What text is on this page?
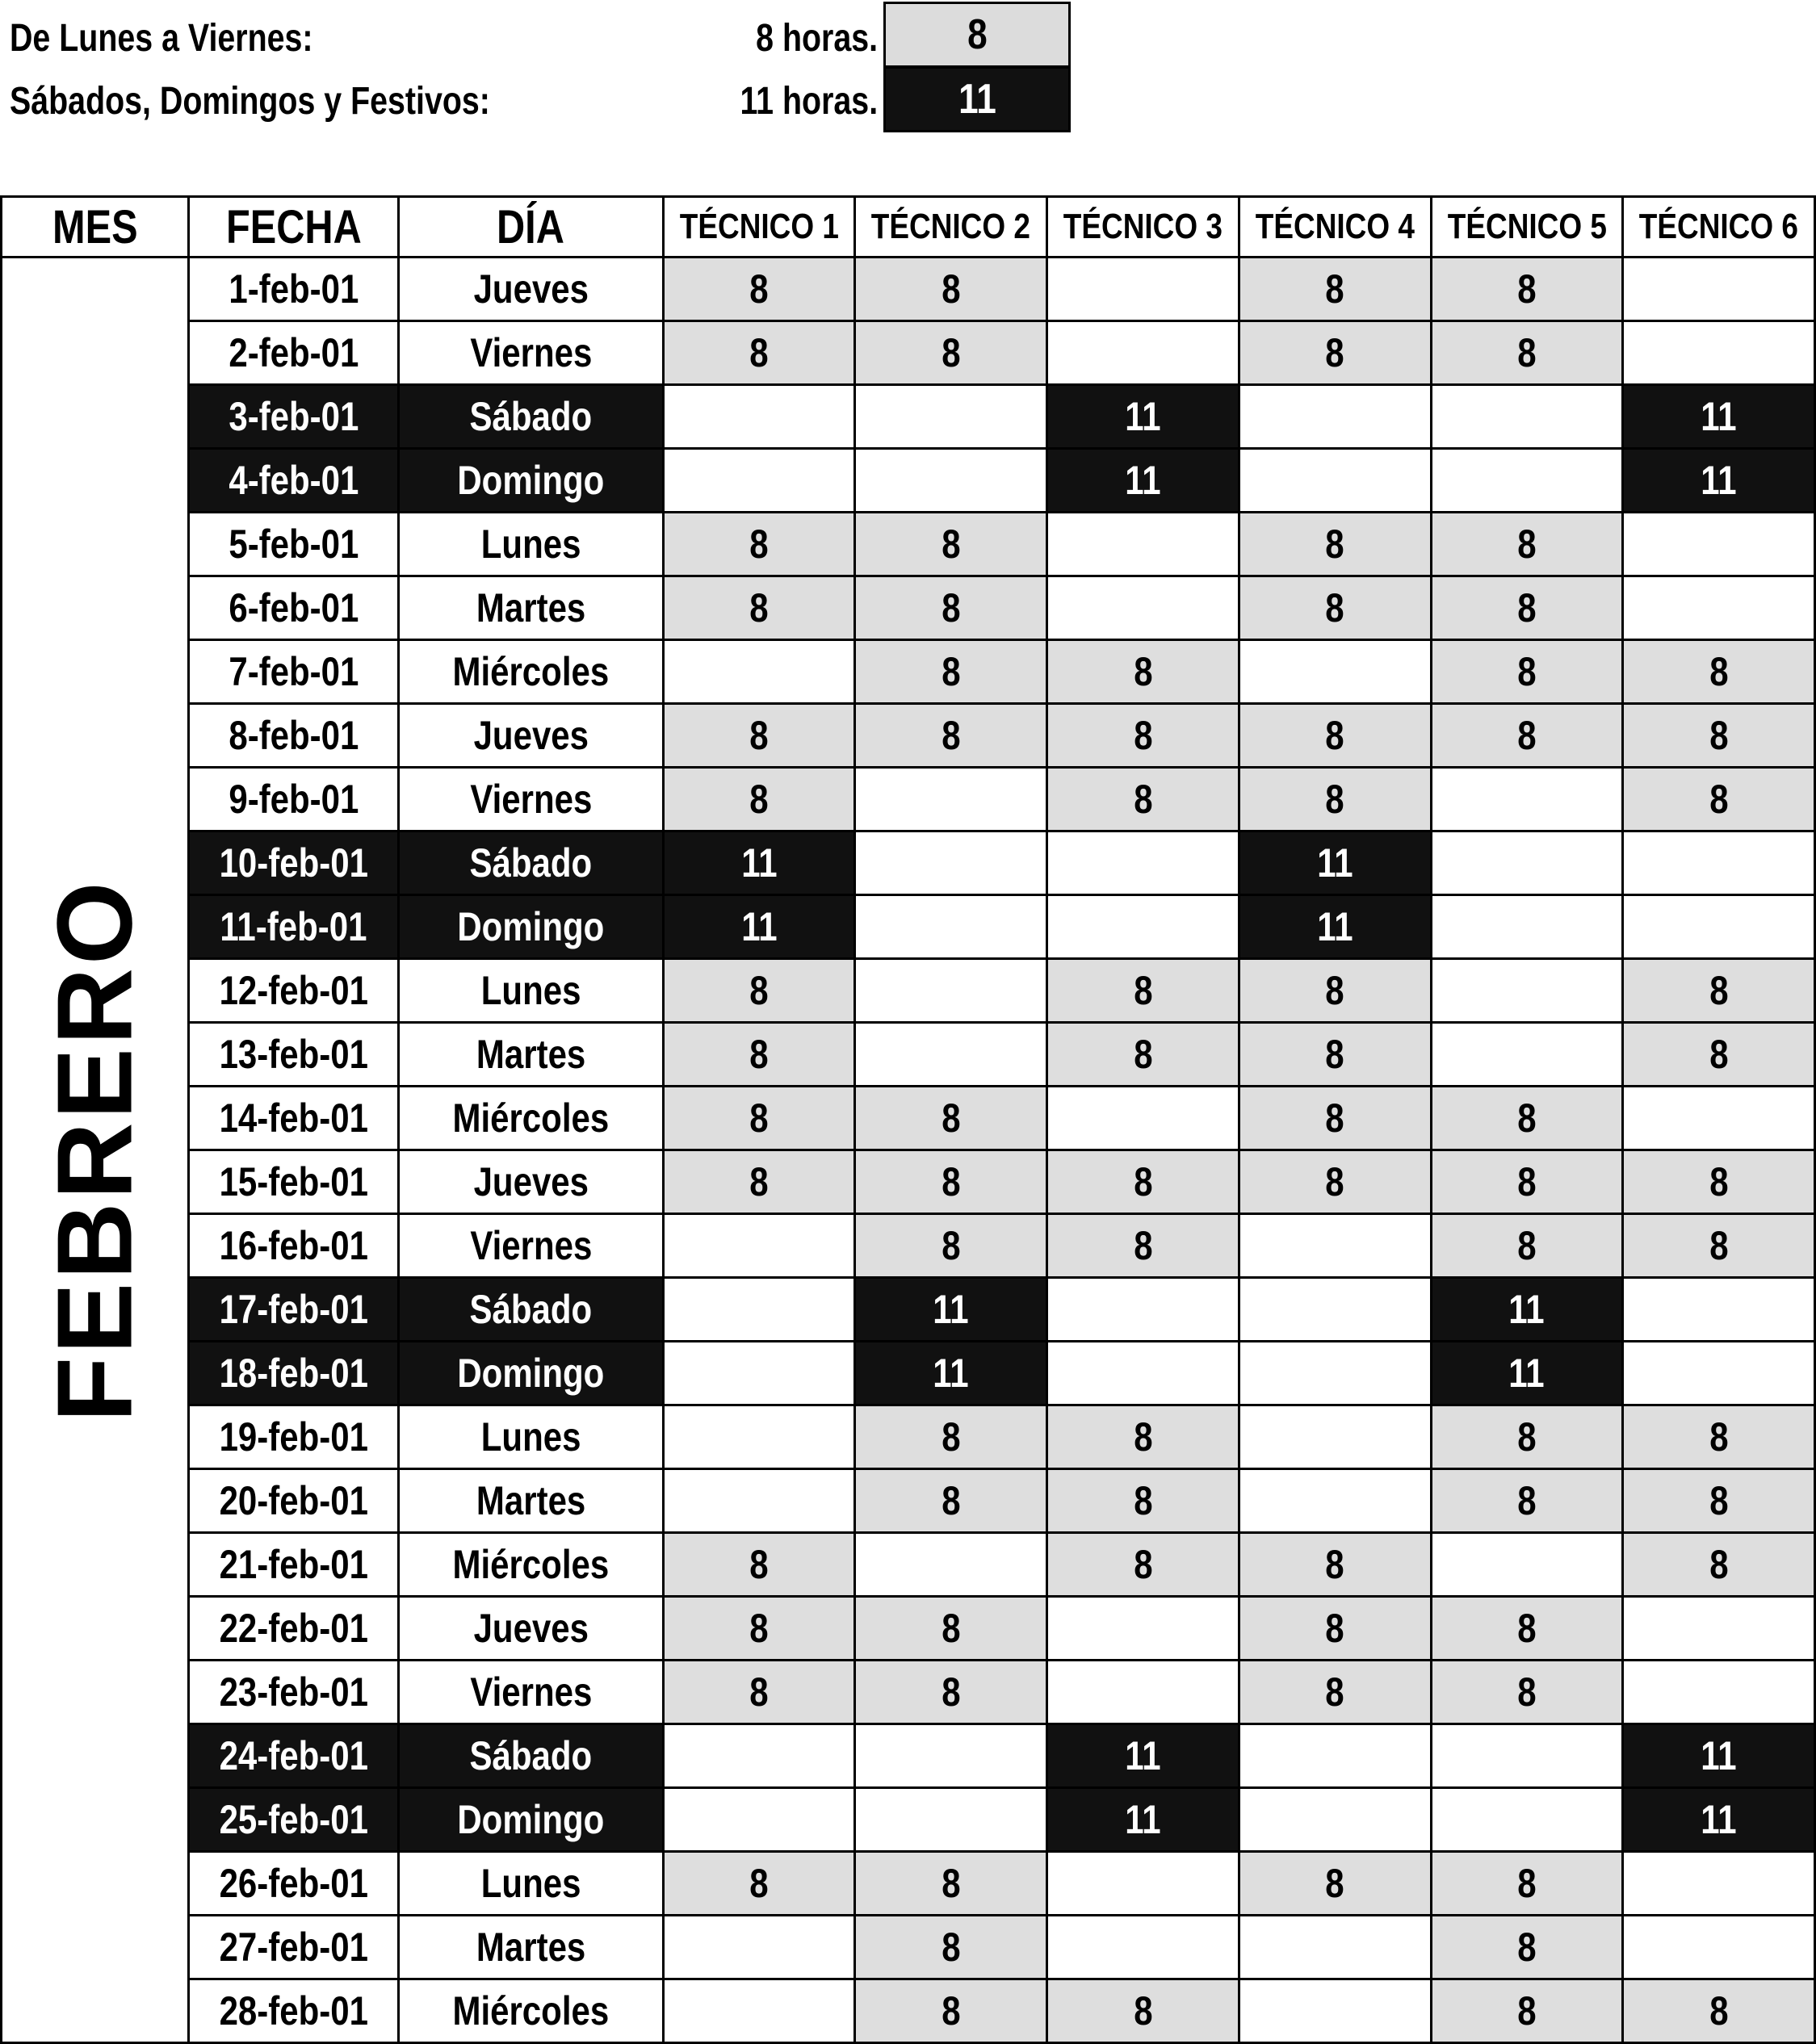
De Lunes a Viernes:	8 horas. 8
Sábados, Domingos y Festivos:	11 horas. 11
MES	FECHA	DÍA	TÉCNICO 1	TÉCNICO 2	TÉCNICO 3	TÉCNICO 4	TÉCNICO 5	TÉCNICO 6

FEBRERO	1-feb-01	Jueves	8	8		8	8	
	2-feb-01	Viernes	8	8		8	8	
	3-feb-01	Sábado			11			11
	4-feb-01	Domingo			11			11
	5-feb-01	Lunes	8	8		8	8	
	6-feb-01	Martes	8	8		8	8	
	7-feb-01	Miércoles		8	8		8	8
	8-feb-01	Jueves	8	8	8	8	8	8
	9-feb-01	Viernes	8		8	8		8
	10-feb-01	Sábado	11			11		
	11-feb-01	Domingo	11			11		
	12-feb-01	Lunes	8		8	8		8
	13-feb-01	Martes	8		8	8		8
	14-feb-01	Miércoles	8	8		8	8	
	15-feb-01	Jueves	8	8	8	8	8	8
	16-feb-01	Viernes		8	8		8	8
	17-feb-01	Sábado		11			11	
	18-feb-01	Domingo		11			11	
	19-feb-01	Lunes		8	8		8	8
	20-feb-01	Martes		8	8		8	8
	21-feb-01	Miércoles	8		8	8		8
	22-feb-01	Jueves	8	8		8	8	
	23-feb-01	Viernes	8	8		8	8	
	24-feb-01	Sábado			11			11
	25-feb-01	Domingo			11			11
	26-feb-01	Lunes	8	8		8	8	
	27-feb-01	Martes		8			8	
	28-feb-01	Miércoles		8	8		8	8
